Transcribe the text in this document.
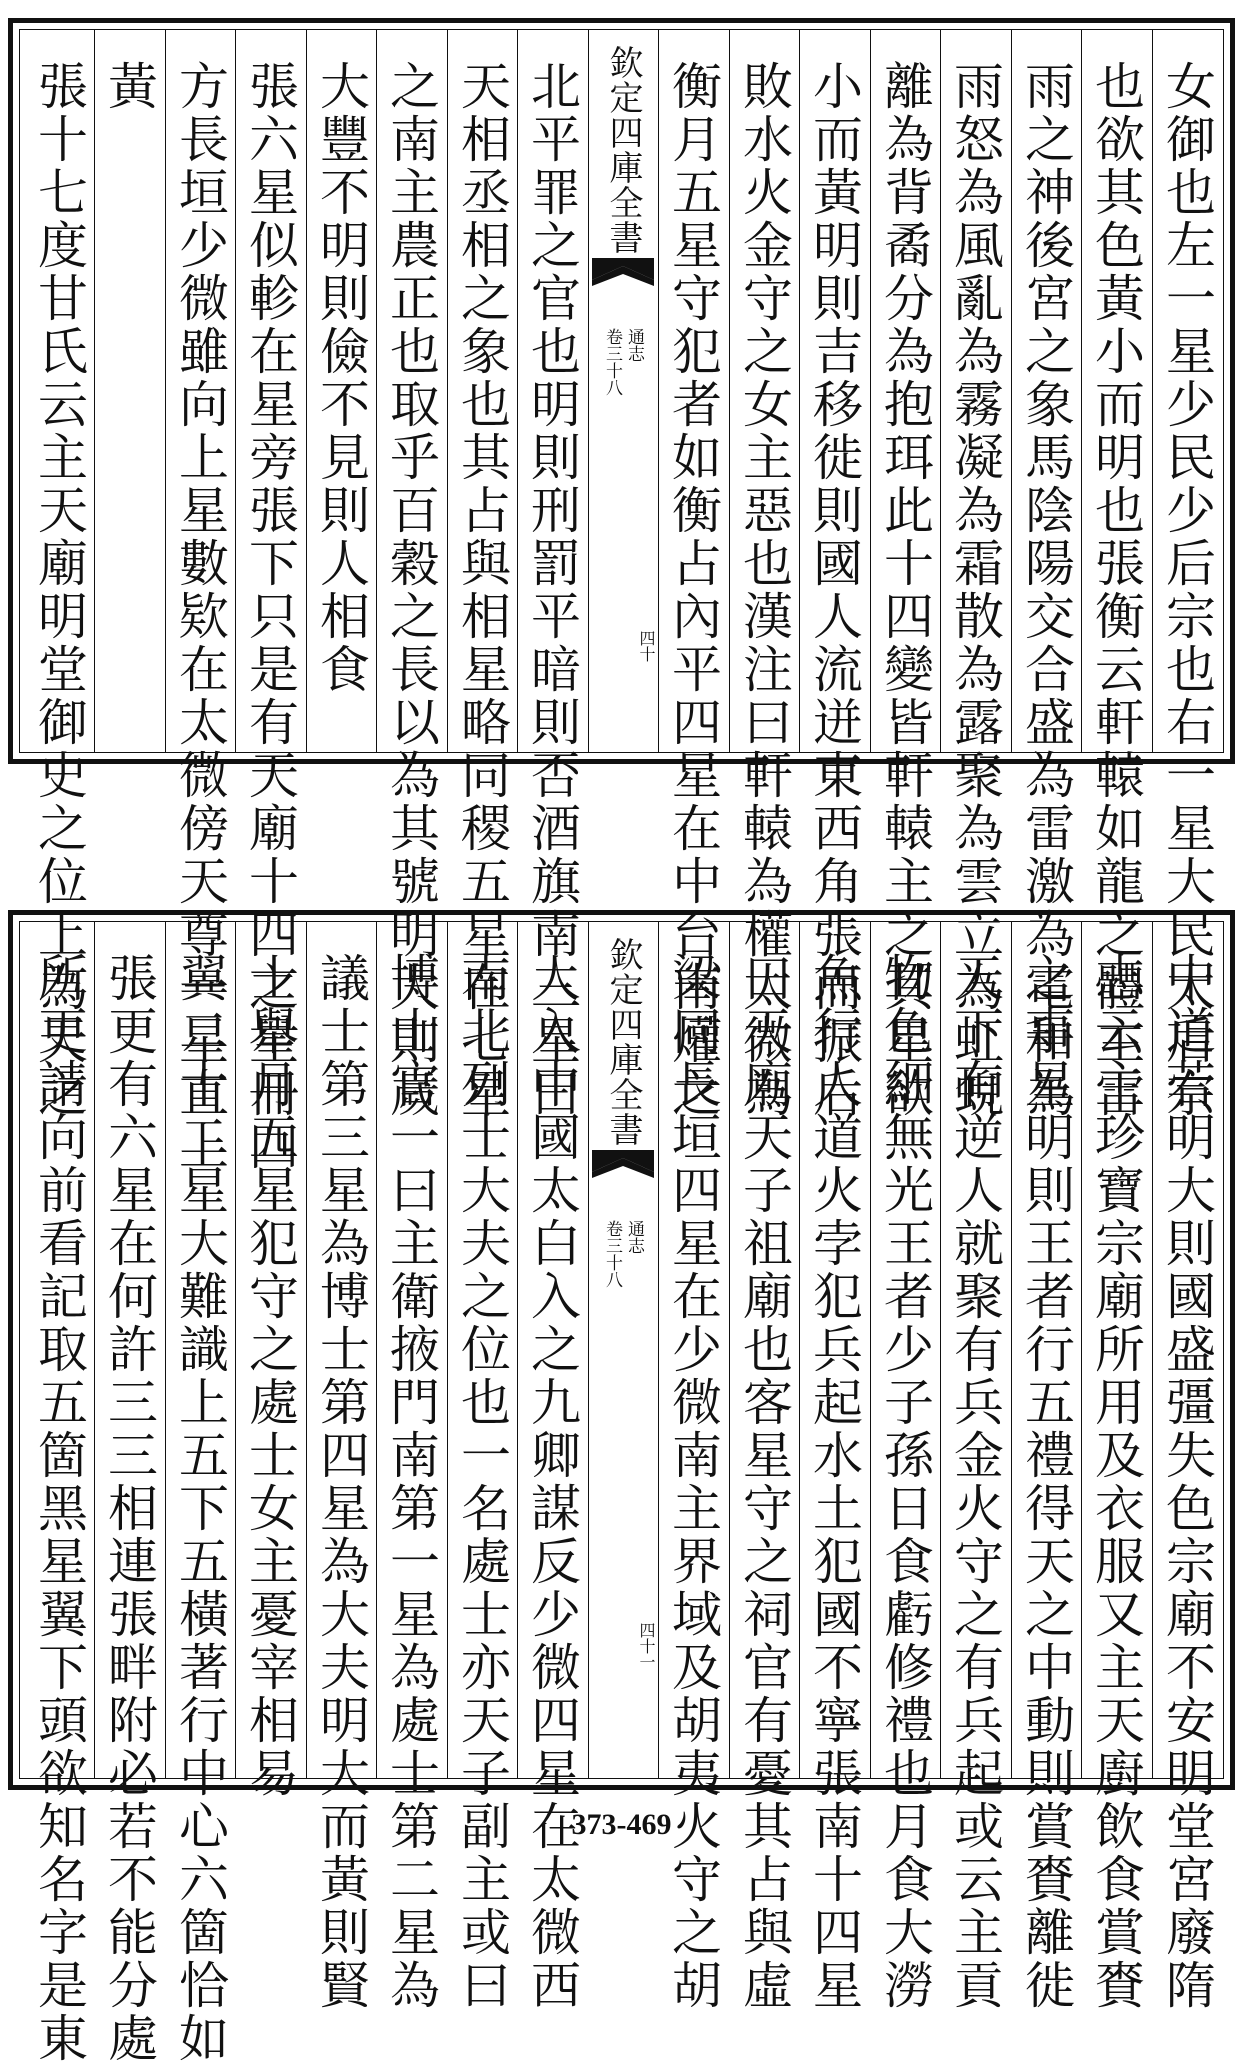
女御也左一星少民少后宗也右一星大民太后宗
也欲其色黃小而明也張衡云軒轅如龍之體主雷
雨之神後宮之象馬陰陽交合盛為雷激為電和為
雨怒為風亂為霧凝為霜散為露聚為雲立為虹蜺
離為背矞分為抱珥此十四變皆軒轅主之其星欲
小而黃明則吉移徙則國人流迸東西角張而振后
敗水火金守之女主惡也漢注曰軒轅為權太微為
衡月五星守犯者如衡占內平四星在中台南爟之
欽定四庫全書
通志
卷三十八
四十
北平罪之官也明則刑罰平暗則否酒旗南三星曰
天相丞相之象也其占與相星略同稷五星在七星
之南主農正也取乎百穀之長以為其號明大則歲
大豐不明則儉不見則人相食
張六星似軫在星旁張下只是有天廟十四之星冊四
方長垣少微雖向上星數欵在太微傍天尊一星直上
黃
張十七度甘氏云主天廟明堂御史之位上為天之
中道若明大則國盛彊失色宗廟不安明堂宮廢隋
志云主珍寶宗廟所用及衣服又主天廚飲食賞賚
之事星明則王者行五禮得天之中動則賞賚離徙
天下有逆人就聚有兵金火守之有兵起或云主貢
物色細無光王者少子孫日食虧修禮也月食大澇
魚行人道火孛犯兵起水土犯國不寧張南十四星
曰天廟天子祖廟也客星守之祠官有憂其占與虛
梁同長垣四星在少微南主界域及胡夷火守之胡
欽定四庫全書
通志
卷三十八
四十一
人入中國太白入之九卿謀反少微四星在太微西
南北列士大夫之位也一名處士亦天子副主或曰
博士官一曰主衛掖門南第一星為處士第二星為
議士第三星為博士第四星為大夫明大而黃則賢
士舉月五星犯守之處士女主憂宰相易
翼二十二星大難識上五下五橫著行中心六箇恰如
張更有六星在何許三三相連張畔附必若不能分處
所更請向前看記取五箇黑星翼下頭欲知名字是東	373-469
